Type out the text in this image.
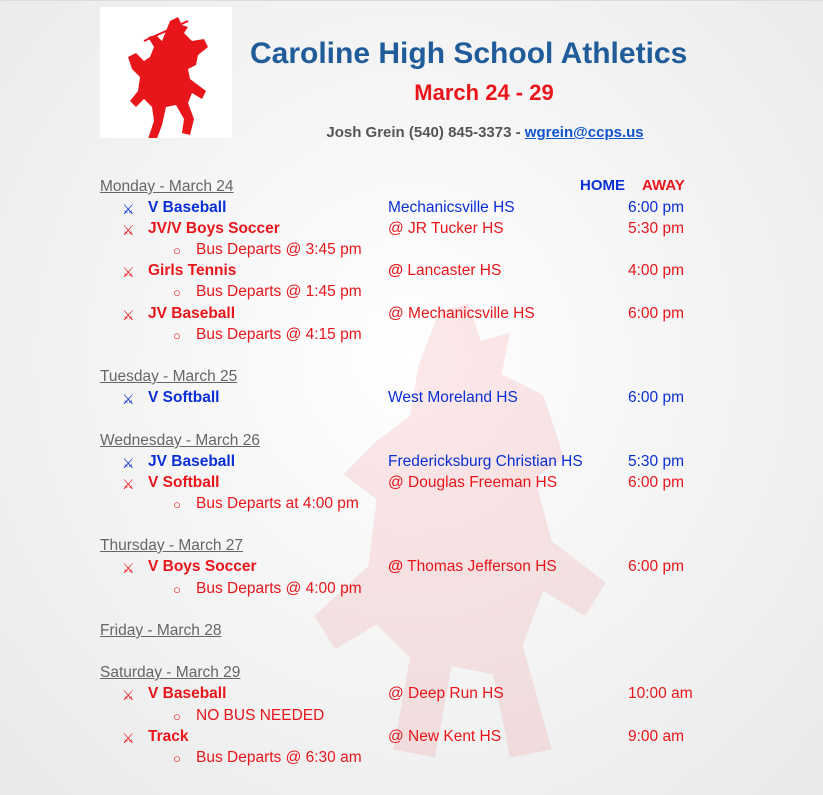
Caroline High School Athletics
March 24 - 29
Josh Grein (540) 845-3373 - wgrein@ccps.us
HOME AWAY
Monday - March 24
⚔ V Baseball	Mechanicsville HS	6:00 pm
⚔ JV/V Boys Soccer	@ JR Tucker HS	5:30 pm
○ Bus Departs @ 3:45 pm
⚔ Girls Tennis	@ Lancaster HS	4:00 pm
○ Bus Departs @ 1:45 pm
⚔ JV Baseball	@ Mechanicsville HS	6:00 pm
○ Bus Departs @ 4:15 pm
Tuesday - March 25
⚔ V Softball	West Moreland HS	6:00 pm
Wednesday - March 26
⚔ JV Baseball	Fredericksburg Christian HS	5:30 pm
⚔ V Softball	@ Douglas Freeman HS	6:00 pm
○ Bus Departs at 4:00 pm
Thursday - March 27
⚔ V Boys Soccer	@ Thomas Jefferson HS	6:00 pm
○ Bus Departs @ 4:00 pm
Friday - March 28
Saturday - March 29
⚔ V Baseball	@ Deep Run HS	10:00 am
○ NO BUS NEEDED
⚔ Track	@ New Kent HS	9:00 am
○ Bus Departs @ 6:30 am
